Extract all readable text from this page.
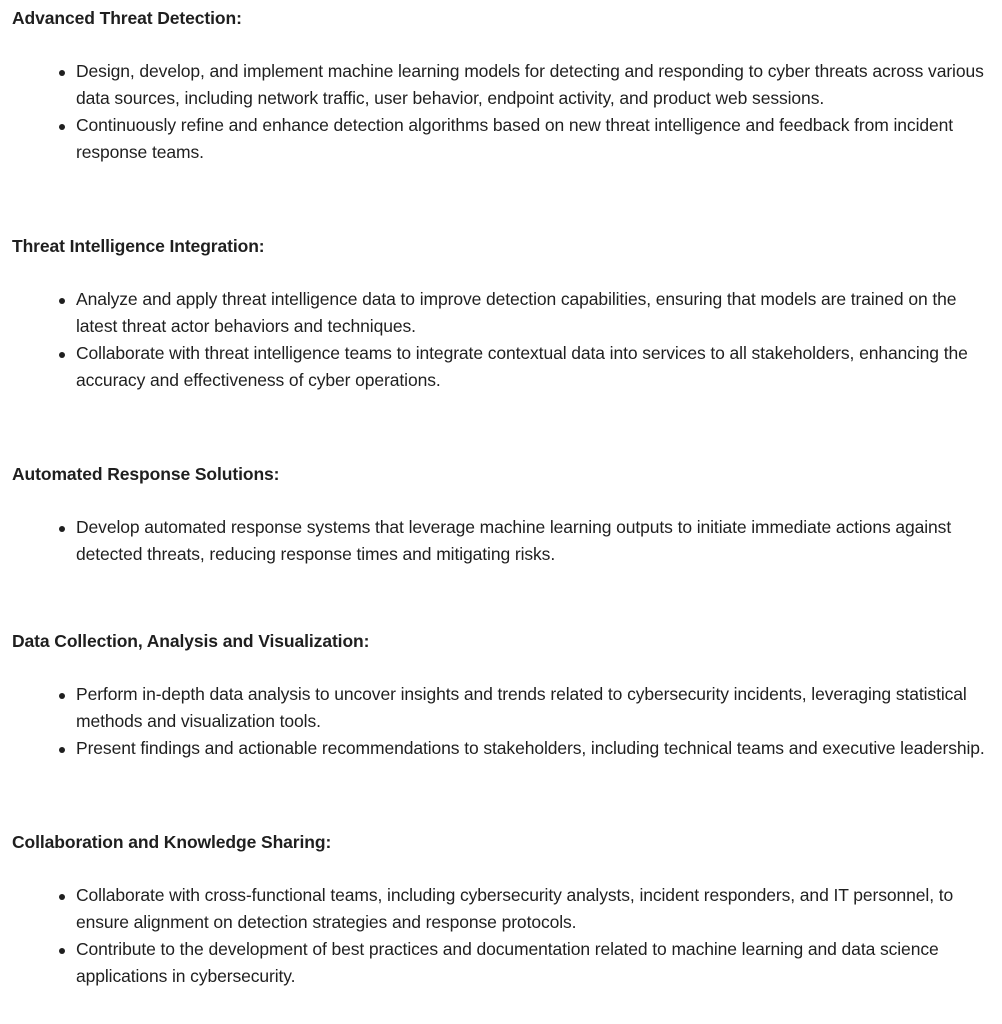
Advanced Threat Detection:
Design, develop, and implement machine learning models for detecting and responding to cyber threats across various data sources, including network traffic, user behavior, endpoint activity, and product web sessions.
Continuously refine and enhance detection algorithms based on new threat intelligence and feedback from incident response teams.
Threat Intelligence Integration:
Analyze and apply threat intelligence data to improve detection capabilities, ensuring that models are trained on the latest threat actor behaviors and techniques.
Collaborate with threat intelligence teams to integrate contextual data into services to all stakeholders, enhancing the accuracy and effectiveness of cyber operations.
Automated Response Solutions:
Develop automated response systems that leverage machine learning outputs to initiate immediate actions against detected threats, reducing response times and mitigating risks.
Data Collection, Analysis and Visualization:
Perform in-depth data analysis to uncover insights and trends related to cybersecurity incidents, leveraging statistical methods and visualization tools.
Present findings and actionable recommendations to stakeholders, including technical teams and executive leadership.
Collaboration and Knowledge Sharing:
Collaborate with cross-functional teams, including cybersecurity analysts, incident responders, and IT personnel, to ensure alignment on detection strategies and response protocols.
Contribute to the development of best practices and documentation related to machine learning and data science applications in cybersecurity.
